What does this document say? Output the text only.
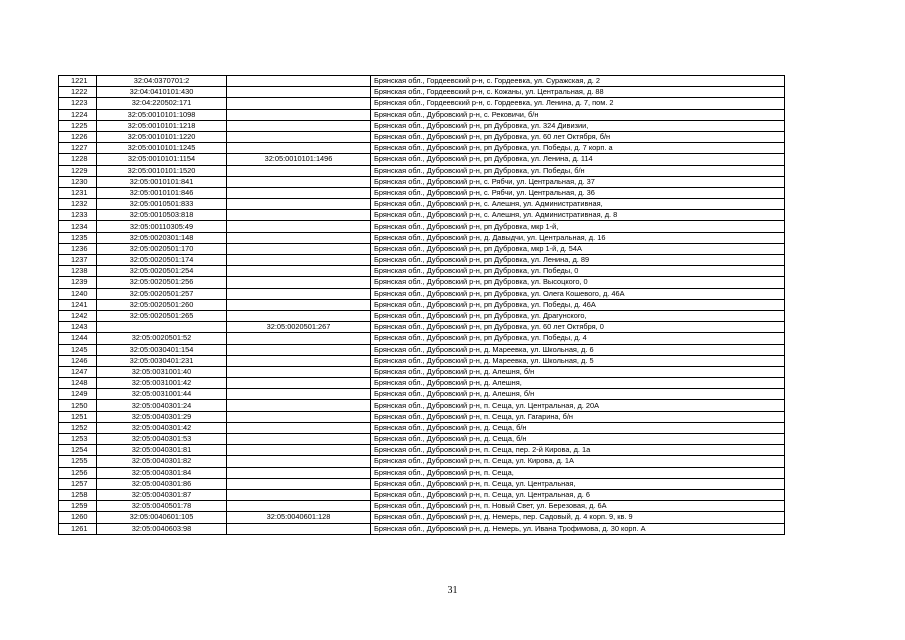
1221	32:04:0370701:2		Брянская обл., Гордеевский р-н, с. Гордеевка, ул. Суражская, д. 2
1222	32:04:0410101:430		Брянская обл., Гордеевский р-н, с. Кожаны, ул. Центральная, д. 88
1223	32:04:220502:171		Брянская обл., Гордеевский р-н, с. Гордеевка, ул. Ленина, д. 7, пом. 2
1224	32:05:0010101:1098		Брянская обл., Дубровский р-н, с. Рековичи, б/н
1225	32:05:0010101:1218		Брянская обл., Дубровский р-н, рп Дубровка, ул. 324 Дивизии,
1226	32:05:0010101:1220		Брянская обл., Дубровский р-н, рп Дубровка, ул. 60 лет Октября, б/н
1227	32:05:0010101:1245		Брянская обл., Дубровский р-н, рп Дубровка, ул. Победы, д. 7 корп. а
1228	32:05:0010101:1154	32:05:0010101:1496	Брянская обл., Дубровский р-н, рп Дубровка, ул. Ленина, д. 114
1229	32:05:0010101:1520		Брянская обл., Дубровский р-н, рп Дубровка, ул. Победы, б/н
1230	32:05:0010101:841		Брянская обл., Дубровский р-н, с. Рябчи, ул. Центральная, д. 37
1231	32:05:0010101:846		Брянская обл., Дубровский р-н, с. Рябчи, ул. Центральная, д. 36
1232	32:05:0010501:833		Брянская обл., Дубровский р-н, с. Алешня, ул. Административная,
1233	32:05:0010503:818		Брянская обл., Дубровский р-н, с. Алешня, ул. Административная, д. 8
1234	32:05:00110305:49		Брянская обл., Дубровский р-н, рп Дубровка, мкр 1-й,
1235	32:05:0020301:148		Брянская обл., Дубровский р-н, д. Давыдчи, ул. Центральная, д. 16
1236	32:05:0020501:170		Брянская обл., Дубровский р-н, рп Дубровка, мкр 1-й, д. 54А
1237	32:05:0020501:174		Брянская обл., Дубровский р-н, рп Дубровка, ул. Ленина, д. 89
1238	32:05:0020501:254		Брянская обл., Дубровский р-н, рп Дубровка, ул. Победы, 0
1239	32:05:0020501:256		Брянская обл., Дубровский р-н, рп Дубровка, ул. Высоцкого, 0
1240	32:05:0020501:257		Брянская обл., Дубровский р-н, рп Дубровка, ул. Олега Кошевого, д. 46А
1241	32:05:0020501:260		Брянская обл., Дубровский р-н, рп Дубровка, ул. Победы, д. 46А
1242	32:05:0020501:265		Брянская обл., Дубровский р-н, рп Дубровка, ул. Драгунского,
1243		32:05:0020501:267	Брянская обл., Дубровский р-н, рп Дубровка, ул. 60 лет Октября, 0
1244	32:05:0020501:52		Брянская обл., Дубровский р-н, рп Дубровка, ул. Победы, д. 4
1245	32:05:0030401:154		Брянская обл., Дубровский р-н, д. Мареевка, ул. Школьная, д. 6
1246	32:05:0030401:231		Брянская обл., Дубровский р-н, д. Мареевка, ул. Школьная, д. 5
1247	32:05:0031001:40		Брянская обл., Дубровский р-н, д. Алешня, б/н
1248	32:05:0031001:42		Брянская обл., Дубровский р-н, д. Алешня,
1249	32:05:0031001:44		Брянская обл., Дубровский р-н, д. Алешня, б/н
1250	32:05:0040301:24		Брянская обл., Дубровский р-н, п. Сеща, ул. Центральная, д. 20А
1251	32:05:0040301:29		Брянская обл., Дубровский р-н, п. Сеща, ул. Гагарина, б/н
1252	32:05:0040301:42		Брянская обл., Дубровский р-н, д. Сеща, б/н
1253	32:05:0040301:53		Брянская обл., Дубровский р-н, д. Сеща, б/н
1254	32:05:0040301:81		Брянская обл., Дубровский р-н, п. Сеща, пер. 2-й Кирова, д. 1а
1255	32:05:0040301:82		Брянская обл., Дубровский р-н, п. Сеща, ул. Кирова, д. 1А
1256	32:05:0040301:84		Брянская обл., Дубровский р-н, п. Сеща,
1257	32:05:0040301:86		Брянская обл., Дубровский р-н, п. Сеща, ул. Центральная,
1258	32:05:0040301:87		Брянская обл., Дубровский р-н, п. Сеща, ул. Центральная, д. 6
1259	32:05:0040501:78		Брянская обл., Дубровский р-н, п. Новый Свет, ул. Березовая, д. 6А
1260	32:05:0040601:105	32:05:0040601:128	Брянская обл., Дубровский р-н, д. Немерь, пер. Садовый, д. 4 корп. 9, кв. 9
1261	32:05:0040603:98		Брянская обл., Дубровский р-н, д. Немерь, ул. Ивана Трофимова, д. 30 корп. А
31
